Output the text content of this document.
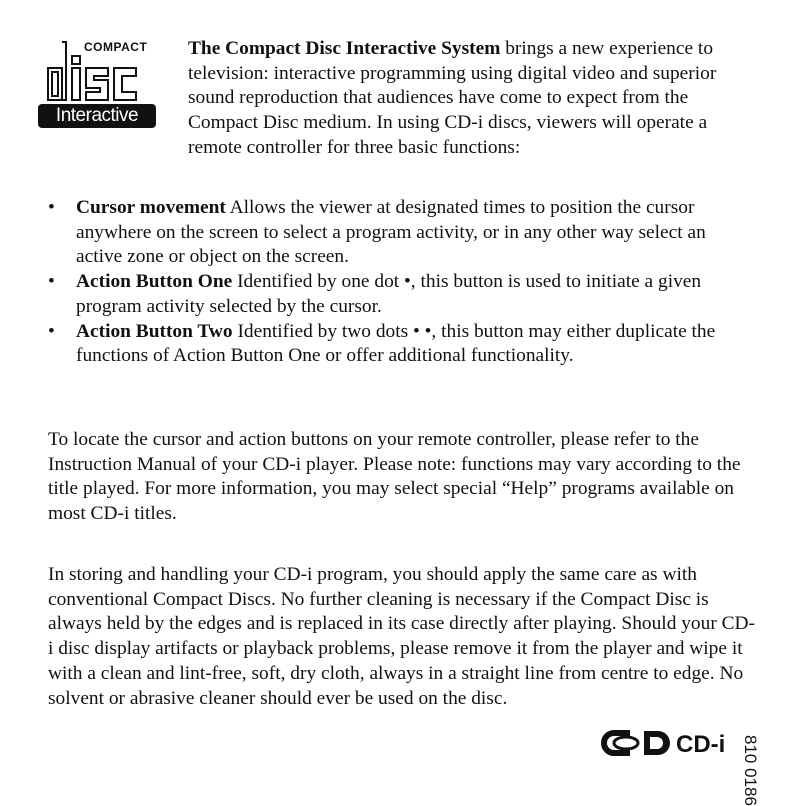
COMPACT
Interactive

The Compact Disc Interactive System brings a new experience to television: interactive programming using digital video and superior sound reproduction that audiences have come to expect from the Compact Disc medium. In using CD-i discs, viewers will operate a remote controller for three basic functions:

• Cursor movement Allows the viewer at designated times to position the cursor anywhere on the screen to select a program activity, or in any other way select an active zone or object on the screen.
• Action Button One Identified by one dot •, this button is used to initiate a given program activity selected by the cursor.
• Action Button Two Identified by two dots • •, this button may either duplicate the functions of Action Button One or offer additional functionality.

To locate the cursor and action buttons on your remote controller, please refer to the Instruction Manual of your CD-i player. Please note: functions may vary according to the title played. For more information, you may select special “Help” programs available on most CD-i titles.

In storing and handling your CD-i program, you should apply the same care as with conventional Compact Discs. No further cleaning is necessary if the Compact Disc is always held by the edges and is replaced in its case directly after playing. Should your CD-i disc display artifacts or playback problems, please remove it from the player and wipe it with a clean and lint-free, soft, dry cloth, always in a straight line from centre to edge. No solvent or abrasive cleaner should ever be used on the disc.

CD-i 810 0186
